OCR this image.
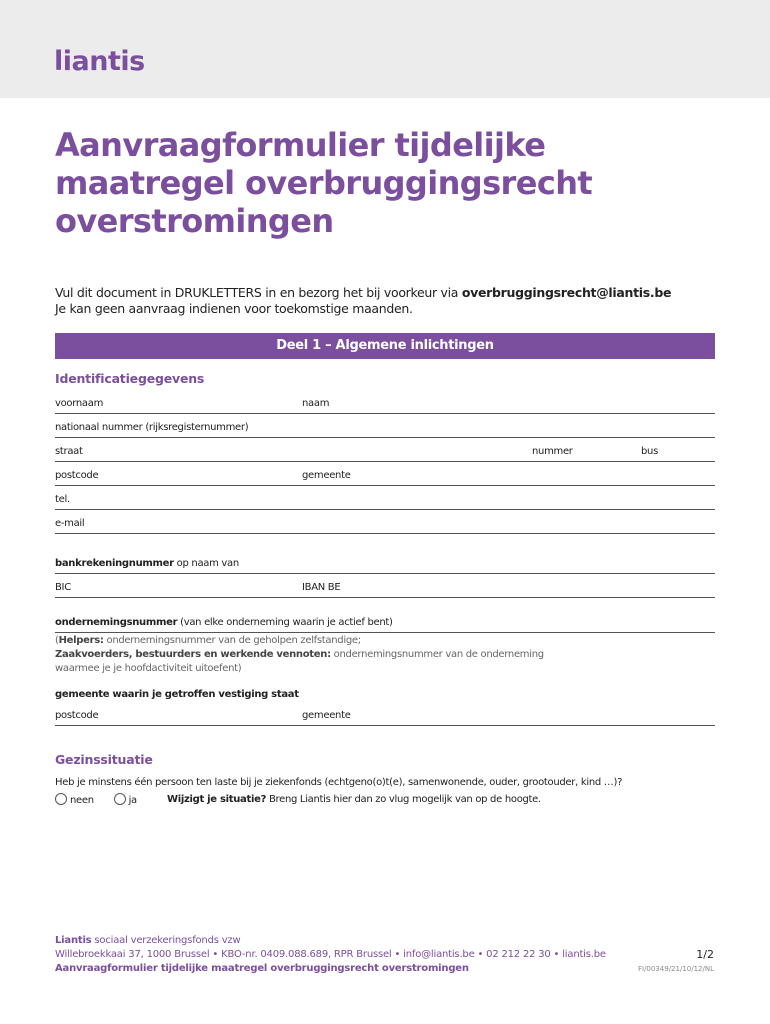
liantis
Aanvraagformulier tijdelijke
maatregel overbruggingsrecht
overstromingen
Vul dit document in DRUKLETTERS in en bezorg het bij voorkeur via overbruggingsrecht@liantis.be
Je kan geen aanvraag indienen voor toekomstige maanden.
Deel 1 – Algemene inlichtingen
Identificatiegegevens
voornaam	naam
nationaal nummer (rijksregisternummer)
straat	nummer	bus
postcode	gemeente
tel.
e-mail
bankrekeningnummer op naam van
BIC	IBAN BE
ondernemingsnummer (van elke onderneming waarin je actief bent)
(Helpers: ondernemingsnummer van de geholpen zelfstandige;
Zaakvoerders, bestuurders en werkende vennoten: ondernemingsnummer van de onderneming
waarmee je je hoofdactiviteit uitoefent)
gemeente waarin je getroffen vestiging staat
postcode	gemeente
Gezinssituatie
Heb je minstens één persoon ten laste bij je ziekenfonds (echtgeno(o)t(e), samenwonende, ouder, grootouder, kind …)?
neen	ja	Wijzigt je situatie? Breng Liantis hier dan zo vlug mogelijk van op de hoogte.
Liantis sociaal verzekeringsfonds vzw
Willebroekkaai 37, 1000 Brussel • KBO-nr. 0409.088.689, RPR Brussel • info@liantis.be • 02 212 22 30 • liantis.be
Aanvraagformulier tijdelijke maatregel overbruggingsrecht overstromingen
1/2
FI/00349/21/10/12/NL
